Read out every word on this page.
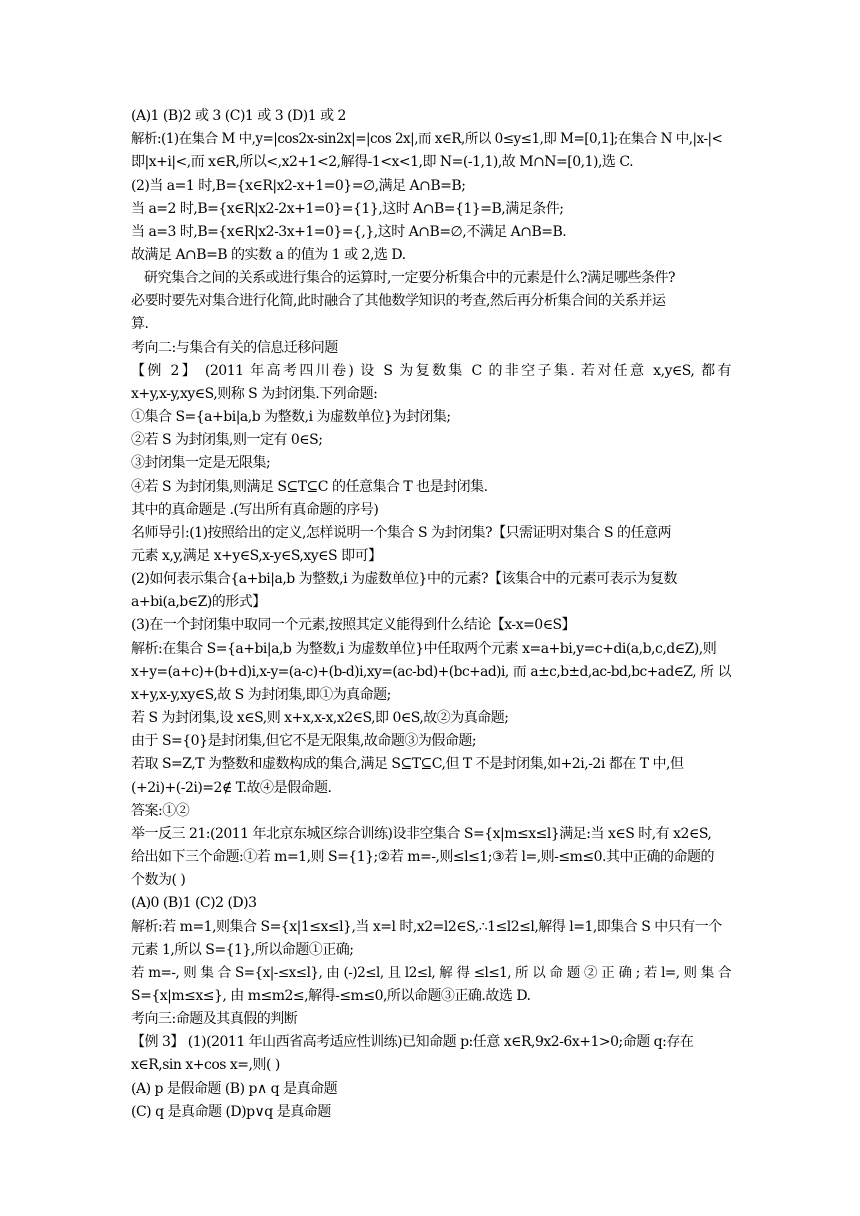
(A)1 (B)2 或 3 (C)1 或 3 (D)1 或 2
解析:(1)在集合 M 中,y=|cos2x-sin2x|=|cos 2x|,而 x∈R,所以 0≤y≤1,即 M=[0,1];在集合 N 中,|x-|<
即|x+i|<,而 x∈R,所以<,x2+1<2,解得-1<x<1,即 N=(-1,1),故 M∩N=[0,1),选 C.
(2)当 a=1 时,B={x∈R|x2-x+1=0}=∅,满足 A∩B=B;
当 a=2 时,B={x∈R|x2-2x+1=0}={1},这时 A∩B={1}=B,满足条件;
当 a=3 时,B={x∈R|x2-3x+1=0}={,},这时 A∩B=∅,不满足 A∩B=B.
故满足 A∩B=B 的实数 a 的值为 1 或 2,选 D.
研究集合之间的关系或进行集合的运算时,一定要分析集合中的元素是什么?满足哪些条件?
必要时要先对集合进行化简,此时融合了其他数学知识的考查,然后再分析集合间的关系并运
算.
考向二:与集合有关的信息迁移问题
【例 2】 (2011 年高考四川卷) 设 S 为复数集 C 的非空子集. 若对任意 x,y∈S, 都有
x+y,x-y,xy∈S,则称 S 为封闭集.下列命题:
①集合 S={a+bi|a,b 为整数,i 为虚数单位}为封闭集;
②若 S 为封闭集,则一定有 0∈S;
③封闭集一定是无限集;
④若 S 为封闭集,则满足 S⊆T⊆C 的任意集合 T 也是封闭集.
其中的真命题是 .(写出所有真命题的序号)
名师导引:(1)按照给出的定义,怎样说明一个集合 S 为封闭集?【只需证明对集合 S 的任意两
元素 x,y,满足 x+y∈S,x-y∈S,xy∈S 即可】
(2)如何表示集合{a+bi|a,b 为整数,i 为虚数单位}中的元素?【该集合中的元素可表示为复数
a+bi(a,b∈Z)的形式】
(3)在一个封闭集中取同一个元素,按照其定义能得到什么结论【x-x=0∈S】
解析:在集合 S={a+bi|a,b 为整数,i 为虚数单位}中任取两个元素 x=a+bi,y=c+di(a,b,c,d∈Z),则
x+y=(a+c)+(b+d)i,x-y=(a-c)+(b-d)i,xy=(ac-bd)+(bc+ad)i, 而 a±c,b±d,ac-bd,bc+ad∈Z, 所 以
x+y,x-y,xy∈S,故 S 为封闭集,即①为真命题;
若 S 为封闭集,设 x∈S,则 x+x,x-x,x2∈S,即 0∈S,故②为真命题;
由于 S={0}是封闭集,但它不是无限集,故命题③为假命题;
若取 S=Z,T 为整数和虚数构成的集合,满足 S⊆T⊆C,但 T 不是封闭集,如+2i,-2i 都在 T 中,但
(+2i)+(-2i)=2∉ T.故④是假命题.
答案:①②
举一反三 21:(2011 年北京东城区综合训练)设非空集合 S={x|m≤x≤l}满足:当 x∈S 时,有 x2∈S,
给出如下三个命题:①若 m=1,则 S={1};②若 m=-,则≤l≤1;③若 l=,则-≤m≤0.其中正确的命题的
个数为( )
(A)0 (B)1 (C)2 (D)3
解析:若 m=1,则集合 S={x|1≤x≤l},当 x=l 时,x2=l2∈S,∴1≤l2≤l,解得 l=1,即集合 S 中只有一个
元素 1,所以 S={1},所以命题①正确;
若 m=-, 则 集 合 S={x|-≤x≤l}, 由 (-)2≤l, 且 l2≤l, 解 得 ≤l≤1, 所 以 命 题 ② 正 确 ; 若 l=, 则 集 合
S={x|m≤x≤}, 由 m≤m2≤,解得-≤m≤0,所以命题③正确.故选 D.
考向三:命题及其真假的判断
【例 3】 (1)(2011 年山西省高考适应性训练)已知命题 p:任意 x∈R,9x2-6x+1>0;命题 q:存在
x∈R,sin x+cos x=,则( )
(A) p 是假命题 (B) p∧ q 是真命题
(C) q 是真命题 (D)p∨q 是真命题
